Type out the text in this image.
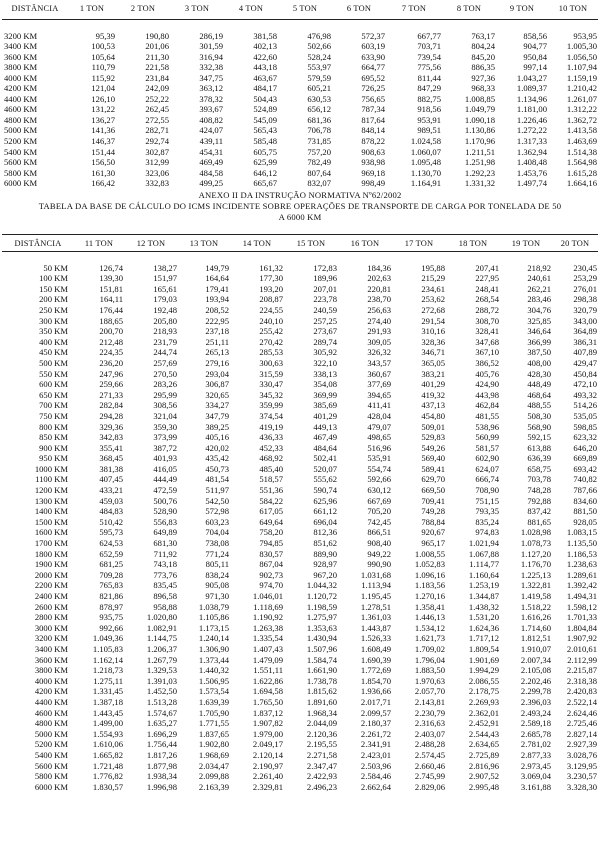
DISTÂNCIA	1 TON	2 TON	3 TON	4 TON	5 TON	6 TON	7 TON	8 TON	9 TON	10 TON

3200 KM	95,39	190,80	286,19	381,58	476,98	572,37	667,77	763,17	858,56	953,95
3400 KM	100,53	201,06	301,59	402,13	502,66	603,19	703,71	804,24	904,77	1.005,30
3600 KM	105,64	211,30	316,94	422,60	528,24	633,90	739,54	845,20	950,84	1.056,50
3800 KM	110,79	221,58	332,38	443,18	553,97	664,77	775,56	886,35	997,14	1.107,94
4000 KM	115,92	231,84	347,75	463,67	579,59	695,52	811,44	927,36	1.043,27	1.159,19
4200 KM	121,04	242,09	363,12	484,17	605,21	726,25	847,29	968,33	1.089,37	1.210,42
4400 KM	126,10	252,22	378,32	504,43	630,53	756,65	882,75	1.008,85	1.134,96	1.261,07
4600 KM	131,22	262,45	393,67	524,89	656,12	787,34	918,56	1.049,79	1.181,00	1.312,22
4800 KM	136,27	272,55	408,82	545,09	681,36	817,64	953,91	1.090,18	1.226,46	1.362,72
5000 KM	141,36	282,71	424,07	565,43	706,78	848,14	989,51	1.130,86	1.272,22	1.413,58
5200 KM	146,37	292,74	439,11	585,48	731,85	878,22	1.024,58	1.170,96	1.317,33	1.463,69
5400 KM	151,44	302,87	454,31	605,75	757,20	908,63	1.060,07	1.211,51	1.362,94	1.514,38
5600 KM	156,50	312,99	469,49	625,99	782,49	938,98	1.095,48	1.251,98	1.408,48	1.564,98
5800 KM	161,30	323,06	484,58	646,12	807,64	969,18	1.130,70	1.292,23	1.453,76	1.615,28
6000 KM	166,42	332,83	499,25	665,67	832,07	998,49	1.164,91	1.331,32	1.497,74	1.664,16
ANEXO II DA INSTRUÇÃO NORMATIVA Nº62/2002
TABELA DA BASE DE CÁLCULO DO ICMS INCIDENTE SOBRE OPERAÇÕES DE TRANSPORTE DE CARGA POR TONELADA DE 50
A 6000 KM
DISTÂNCIA	11 TON	12 TON	13 TON	14 TON	15 TON	16 TON	17 TON	18 TON	19 TON	20 TON

50 KM	126,74	138,27	149,79	161,32	172,83	184,36	195,88	207,41	218,92	230,45
100 KM	139,30	151,97	164,64	177,30	189,96	202,63	215,29	227,95	240,61	253,29
150 KM	151,81	165,61	179,41	193,20	207,01	220,81	234,61	248,41	262,21	276,01
200 KM	164,11	179,03	193,94	208,87	223,78	238,70	253,62	268,54	283,46	298,38
250 KM	176,44	192,48	208,52	224,55	240,59	256,63	272,68	288,72	304,76	320,79
300 KM	188,65	205,80	222,95	240,10	257,25	274,40	291,54	308,70	325,85	343,00
350 KM	200,70	218,93	237,18	255,42	273,67	291,93	310,16	328,41	346,64	364,89
400 KM	212,48	231,79	251,11	270,42	289,74	309,05	328,36	347,68	366,99	386,31
450 KM	224,35	244,74	265,13	285,53	305,92	326,32	346,71	367,10	387,50	407,89
500 KM	236,20	257,69	279,16	300,63	322,10	343,57	365,05	386,52	408,00	429,47
550 KM	247,96	270,50	293,04	315,59	338,13	360,67	383,21	405,76	428,30	450,84
600 KM	259,66	283,26	306,87	330,47	354,08	377,69	401,29	424,90	448,49	472,10
650 KM	271,33	295,99	320,65	345,32	369,99	394,65	419,32	443,98	468,64	493,32
700 KM	282,84	308,56	334,27	359,99	385,69	411,41	437,13	462,84	488,55	514,26
750 KM	294,28	321,04	347,79	374,54	401,29	428,04	454,80	481,55	508,30	535,05
800 KM	329,36	359,30	389,25	419,19	449,13	479,07	509,01	538,96	568,90	598,85
850 KM	342,83	373,99	405,16	436,33	467,49	498,65	529,83	560,99	592,15	623,32
900 KM	355,41	387,72	420,02	452,33	484,64	516,96	549,26	581,57	613,88	646,20
950 KM	368,45	401,93	435,42	468,92	502,41	535,91	569,40	602,90	636,39	669,89
1000 KM	381,38	416,05	450,73	485,40	520,07	554,74	589,41	624,07	658,75	693,42
1100 KM	407,45	444,49	481,54	518,57	555,62	592,66	629,70	666,74	703,78	740,82
1200 KM	433,21	472,59	511,97	551,36	590,74	630,12	669,50	708,90	748,28	787,66
1300 KM	459,03	500,76	542,50	584,22	625,96	667,69	709,41	751,15	792,88	834,60
1400 KM	484,83	528,90	572,98	617,05	661,12	705,20	749,28	793,35	837,42	881,50
1500 KM	510,42	556,83	603,23	649,64	696,04	742,45	788,84	835,24	881,65	928,05
1600 KM	595,73	649,89	704,04	758,20	812,36	866,51	920,67	974,83	1.028,98	1.083,15
1700 KM	624,53	681,30	738,08	794,85	851,62	908,40	965,17	1.021,94	1.078,73	1.135,50
1800 KM	652,59	711,92	771,24	830,57	889,90	949,22	1.008,55	1.067,88	1.127,20	1.186,53
1900 KM	681,25	743,18	805,11	867,04	928,97	990,90	1.052,83	1.114,77	1.176,70	1.238,63
2000 KM	709,28	773,76	838,24	902,73	967,20	1.031,68	1.096,16	1.160,64	1.225,13	1.289,61
2200 KM	765,83	835,45	905,08	974,70	1.044,32	1.113,94	1.183,56	1.253,19	1.322,81	1.392,42
2400 KM	821,86	896,58	971,30	1.046,01	1.120,72	1.195,45	1.270,16	1.344,87	1.419,58	1.494,31
2600 KM	878,97	958,88	1.038,79	1.118,69	1.198,59	1.278,51	1.358,41	1.438,32	1.518,22	1.598,12
2800 KM	935,75	1.020,80	1.105,86	1.190,92	1.275,97	1.361,03	1.446,13	1.531,20	1.616,26	1.701,33
3000 KM	992,66	1.082,91	1.173,15	1.263,38	1.353,63	1.443,87	1.534,12	1.624,36	1.714,60	1.804,84
3200 KM	1.049,36	1.144,75	1.240,14	1.335,54	1.430,94	1.526,33	1.621,73	1.717,12	1.812,51	1.907,92
3400 KM	1.105,83	1.206,37	1.306,90	1.407,43	1.507,96	1.608,49	1.709,02	1.809,54	1.910,07	2.010,61
3600 KM	1.162,14	1.267,79	1.373,44	1.479,09	1.584,74	1.690,39	1.796,04	1.901,69	2.007,34	2.112,99
3800 KM	1.218,73	1.329,53	1.440,32	1.551,11	1.661,90	1.772,69	1.883,50	1.994,29	2.105,08	2.215,87
4000 KM	1.275,11	1.391,03	1.506,95	1.622,86	1.738,78	1.854,70	1.970,63	2.086,55	2.202,46	2.318,38
4200 KM	1.331,45	1.452,50	1.573,54	1.694,58	1.815,62	1.936,66	2.057,70	2.178,75	2.299,78	2.420,83
4400 KM	1.387,18	1.513,28	1.639,39	1.765,50	1.891,60	2.017,71	2.143,81	2.269,93	2.396,03	2.522,14
4600 KM	1.443,45	1.574,67	1.705,90	1.837,12	1.968,34	2.099,57	2.230,79	2.362,01	2.493,24	2.624,46
4800 KM	1.499,00	1.635,27	1.771,55	1.907,82	2.044,09	2.180,37	2.316,63	2.452,91	2.589,18	2.725,46
5000 KM	1.554,93	1.696,29	1.837,65	1.979,00	2.120,36	2.261,72	2.403,07	2.544,43	2.685,78	2.827,14
5200 KM	1.610,06	1.756,44	1.902,80	2.049,17	2.195,55	2.341,91	2.488,28	2.634,65	2.781,02	2.927,39
5400 KM	1.665,82	1.817,26	1.968,69	2.120,14	2.271,58	2.423,01	2.574,45	2.725,89	2.877,33	3.028,76
5600 KM	1.721,48	1.877,98	2.034,47	2.190,97	2.347,47	2.503,96	2.660,46	2.816,96	2.973,45	3.129,95
5800 KM	1.776,82	1.938,34	2.099,88	2.261,40	2.422,93	2.584,46	2.745,99	2.907,52	3.069,04	3.230,57
6000 KM	1.830,57	1.996,98	2.163,39	2.329,81	2.496,23	2.662,64	2.829,06	2.995,48	3.161,88	3.328,30
